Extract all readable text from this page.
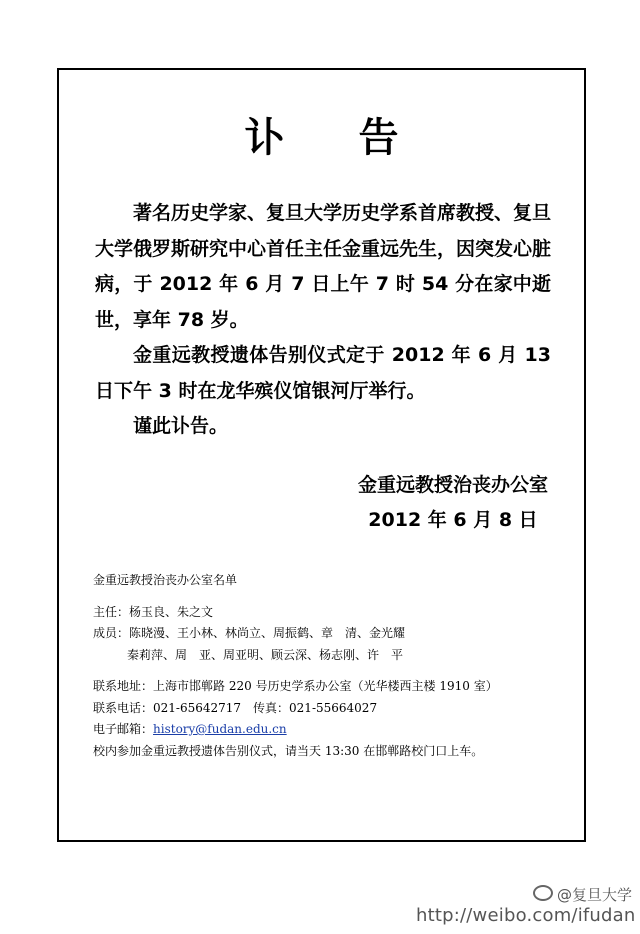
讣 告

著名历史学家、复旦大学历史学系首席教授、复旦大学俄罗斯研究中心首任主任金重远先生，因突发心脏病，于 2012 年 6 月 7 日上午 7 时 54 分在家中逝世，享年 78 岁。

金重远教授遗体告别仪式定于 2012 年 6 月 13 日下午 3 时在龙华殡仪馆银河厅举行。

谨此讣告。

金重远教授治丧办公室
2012 年 6 月 8 日
金重远教授治丧办公室名单
主任：杨玉良、朱之文
成员：陈晓漫、王小林、林尚立、周振鹤、章　清、金光耀
秦莉萍、周　亚、周亚明、顾云深、杨志刚、许　平
联系地址：上海市邯郸路 220 号历史学系办公室（光华楼西主楼 1910 室）
联系电话：021-65642717　传真：021-55664027
电子邮箱：history@fudan.edu.cn
校内参加金重远教授遗体告别仪式，请当天 13:30 在邯郸路校门口上车。
@复旦大学
http://weibo.com/ifudan
